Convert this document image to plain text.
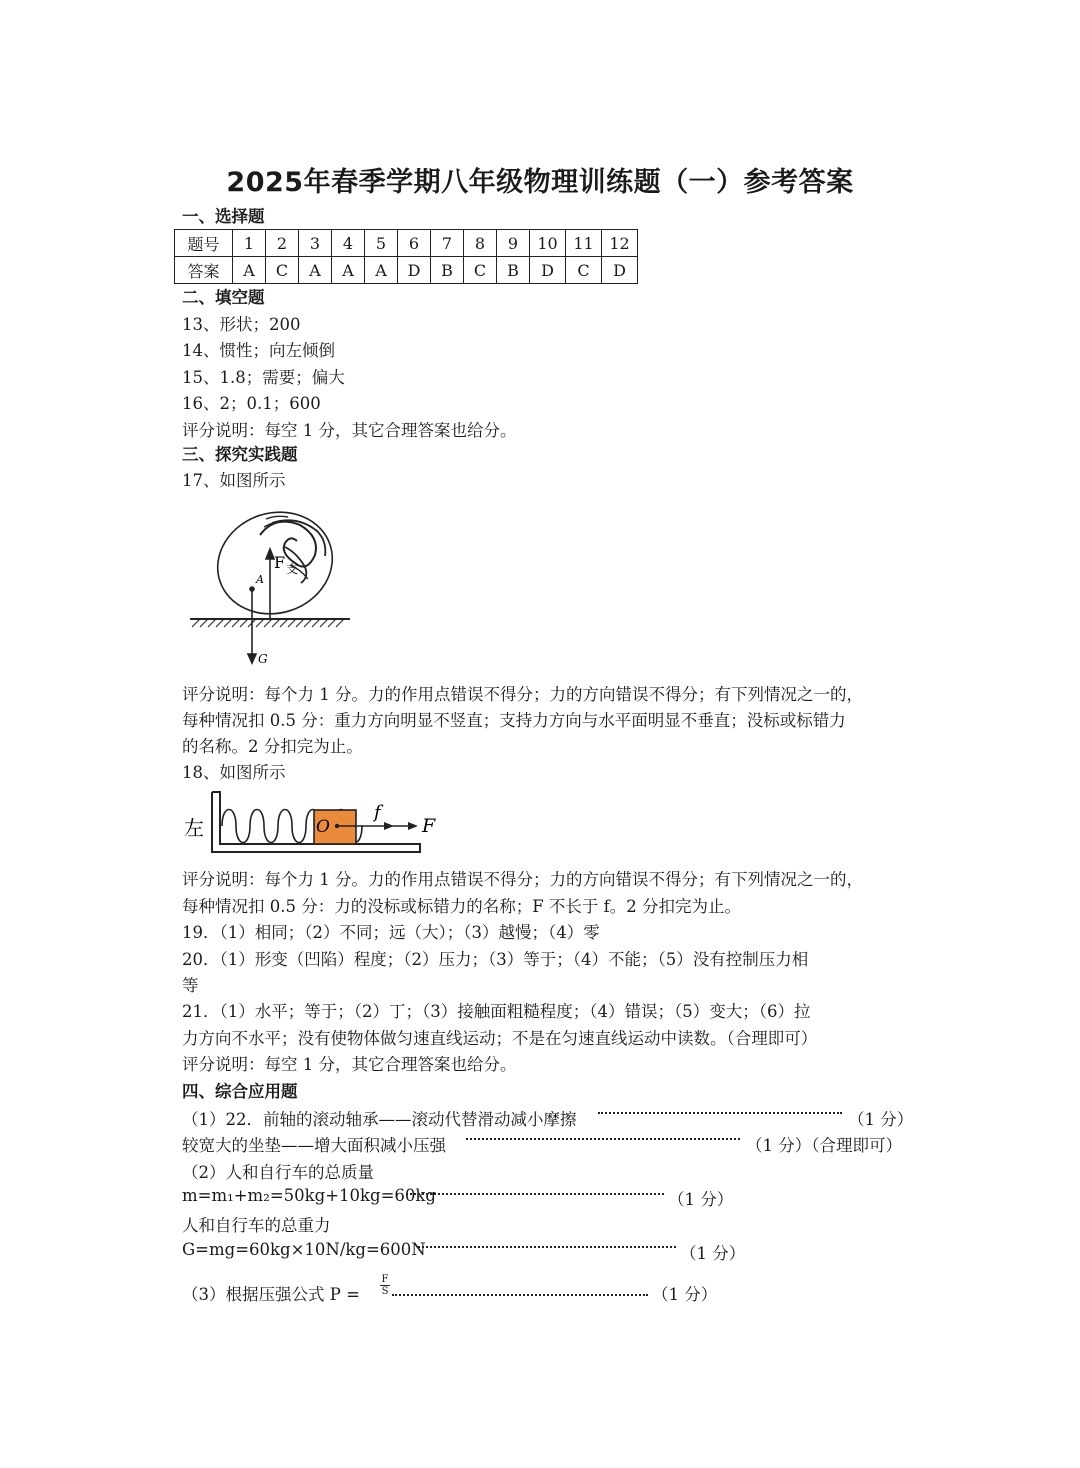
2025年春季学期八年级物理训练题（一）参考答案
一、选择题
题号	1	2	3	4	5	6	7	8	9	10	11	12
答案	A	C	A	A	A	D	B	C	B	D	C	D
二、填空题
13、形状；200
14、惯性；向左倾倒
15、1.8；需要；偏大
16、2；0.1；600
评分说明：每空 1 分，其它合理答案也给分。
三、探究实践题
17、如图所示
A
F 支
G
评分说明：每个力 1 分。力的作用点错误不得分；力的方向错误不得分；有下列情况之一的，
每种情况扣 0.5 分：重力方向明显不竖直；支持力方向与水平面明显不垂直；没标或标错力
的名称。2 分扣完为止。
18、如图所示
左	O
f
F
评分说明：每个力 1 分。力的作用点错误不得分；力的方向错误不得分；有下列情况之一的，
每种情况扣 0.5 分：力的没标或标错力的名称；F 不长于 f。2 分扣完为止。
19．（1）相同；（2）不同；远（大）；（3）越慢；（4）零
20．（1）形变（凹陷）程度；（2）压力；（3）等于；（4）不能；（5）没有控制压力相
等
21．（1）水平；等于；（2）丁；（3）接触面粗糙程度；（4）错误；（5）变大；（6）拉
力方向不水平；没有使物体做匀速直线运动；不是在匀速直线运动中读数。（合理即可）
评分说明：每空 1 分，其它合理答案也给分。
四、综合应用题
（1）22．前轴的滚动轴承——滚动代替滑动减小摩擦	（1 分）
较宽大的坐垫——增大面积减小压强	（1 分）（合理即可）
（2）人和自行车的总质量
m=m₁+m₂=50kg+10kg=60kg	（1 分）
人和自行车的总重力
G=mg=60kg×10N/kg=600N	（1 分）
（3）根据压强公式 $P = \frac{F}{S}$	（1 分）
